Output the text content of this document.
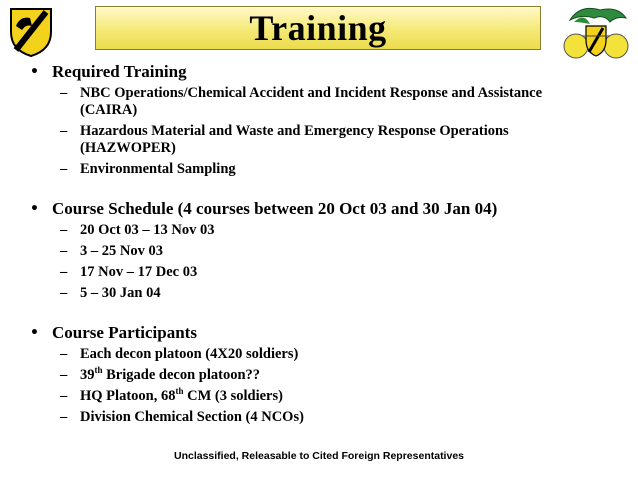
Training
• Required Training
– NBC Operations/Chemical Accident and Incident Response and Assistance (CAIRA)
– Hazardous Material and Waste and Emergency Response Operations (HAZWOPER)
– Environmental Sampling
• Course Schedule (4 courses between 20 Oct 03 and 30 Jan 04)
– 20 Oct 03 – 13 Nov 03
– 3 – 25 Nov 03
– 17 Nov – 17 Dec 03
– 5 – 30 Jan 04
• Course Participants
– Each decon platoon (4X20 soldiers)
– 39th Brigade decon platoon??
– HQ Platoon, 68th CM (3 soldiers)
– Division Chemical Section (4 NCOs)
Unclassified, Releasable to Cited Foreign Representatives
